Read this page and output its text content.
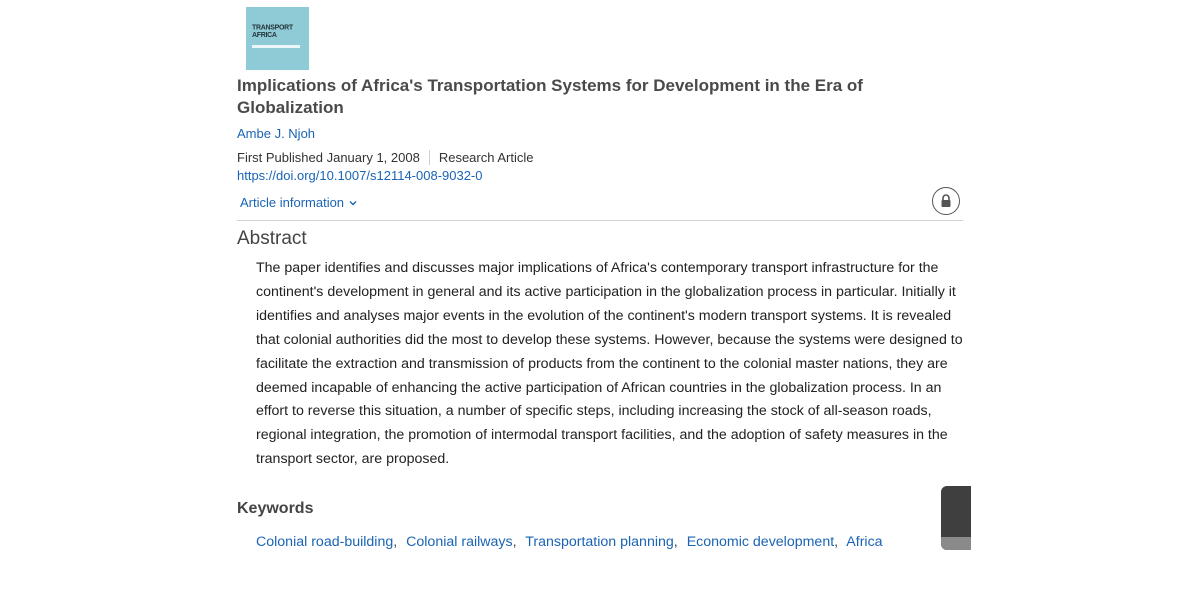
TRANSPORT
AFRICA
Implications of Africa's Transportation Systems for Development in the Era of Globalization
Ambe J. Njoh
First Published January 1, 2008 Research Article
https://doi.org/10.1007/s12114-008-9032-0
Article information
Abstract

The paper identifies and discusses major implications of Africa's contemporary transport infrastructure for the continent's development in general and its active participation in the globalization process in particular. Initially it identifies and analyses major events in the evolution of the continent's modern transport systems. It is revealed that colonial authorities did the most to develop these systems. However, because the systems were designed to facilitate the extraction and transmission of products from the continent to the colonial master nations, they are deemed incapable of enhancing the active participation of African countries in the globalization process. In an effort to reverse this situation, a number of specific steps, including increasing the stock of all-season roads, regional integration, the promotion of intermodal transport facilities, and the adoption of safety measures in the transport sector, are proposed.

Keywords
Colonial road-building, Colonial railways, Transportation planning, Economic development, Africa
